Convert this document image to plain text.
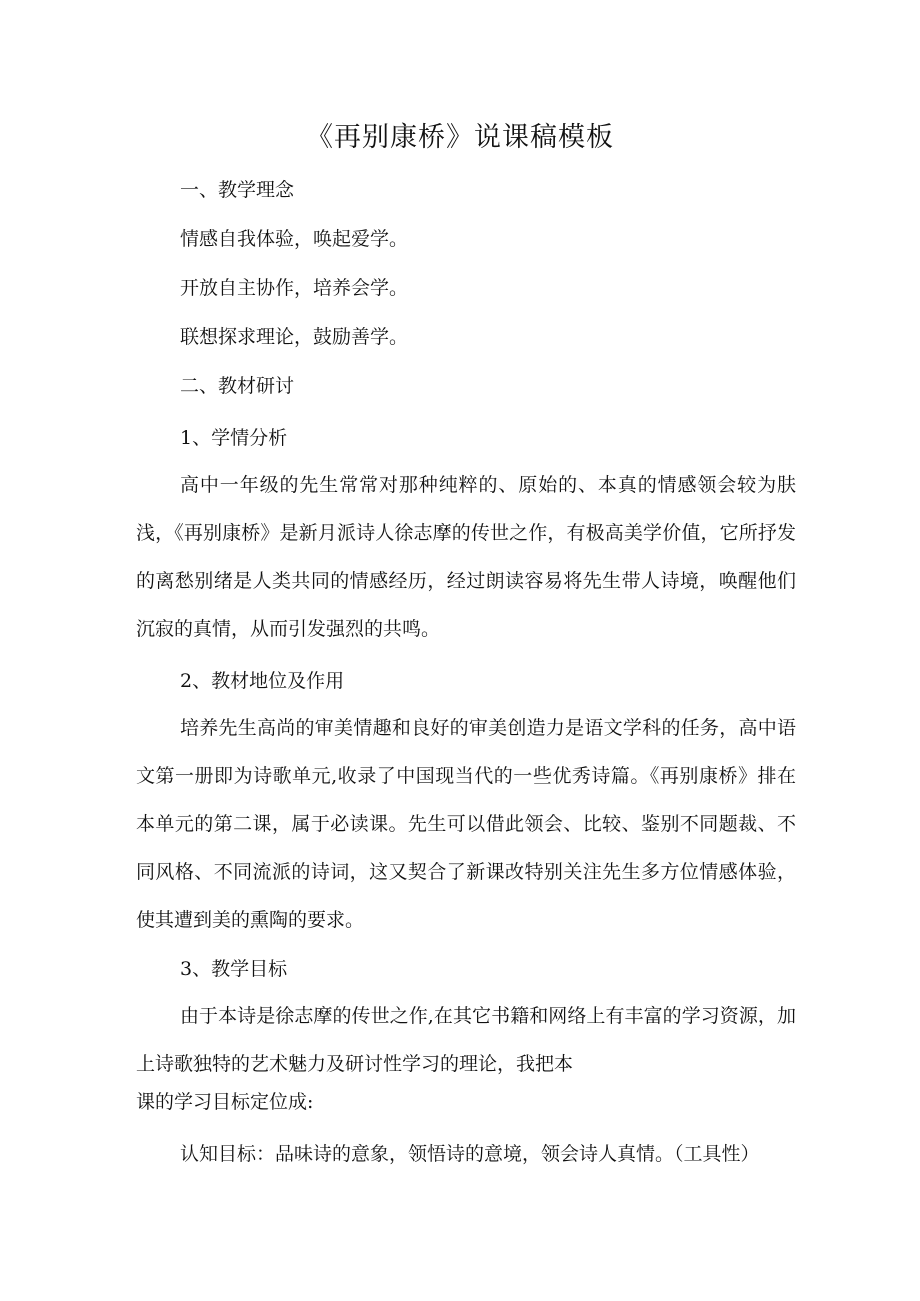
《再别康桥》说课稿模板
一、教学理念
情感自我体验，唤起爱学。
开放自主协作，培养会学。
联想探求理论，鼓励善学。
二、教材研讨
1、学情分析
高中一年级的先生常常对那种纯粹的、原始的、本真的情感领会较为肤浅，《再别康桥》是新月派诗人徐志摩的传世之作，有极高美学价值，它所抒发的离愁别绪是人类共同的情感经历，经过朗读容易将先生带人诗境，唤醒他们沉寂的真情，从而引发强烈的共鸣。
2、教材地位及作用
培养先生高尚的审美情趣和良好的审美创造力是语文学科的任务，高中语文第一册即为诗歌单元,收录了中国现当代的一些优秀诗篇。《再别康桥》排在本单元的第二课，属于必读课。先生可以借此领会、比较、鉴别不同题裁、不同风格、不同流派的诗词，这又契合了新课改特别关注先生多方位情感体验，使其遭到美的熏陶的要求。
3、教学目标
由于本诗是徐志摩的传世之作,在其它书籍和网络上有丰富的学习资源，加上诗歌独特的艺术魅力及研讨性学习的理论，我把本
课的学习目标定位成:
认知目标：品味诗的意象，领悟诗的意境，领会诗人真情。（工具性）
